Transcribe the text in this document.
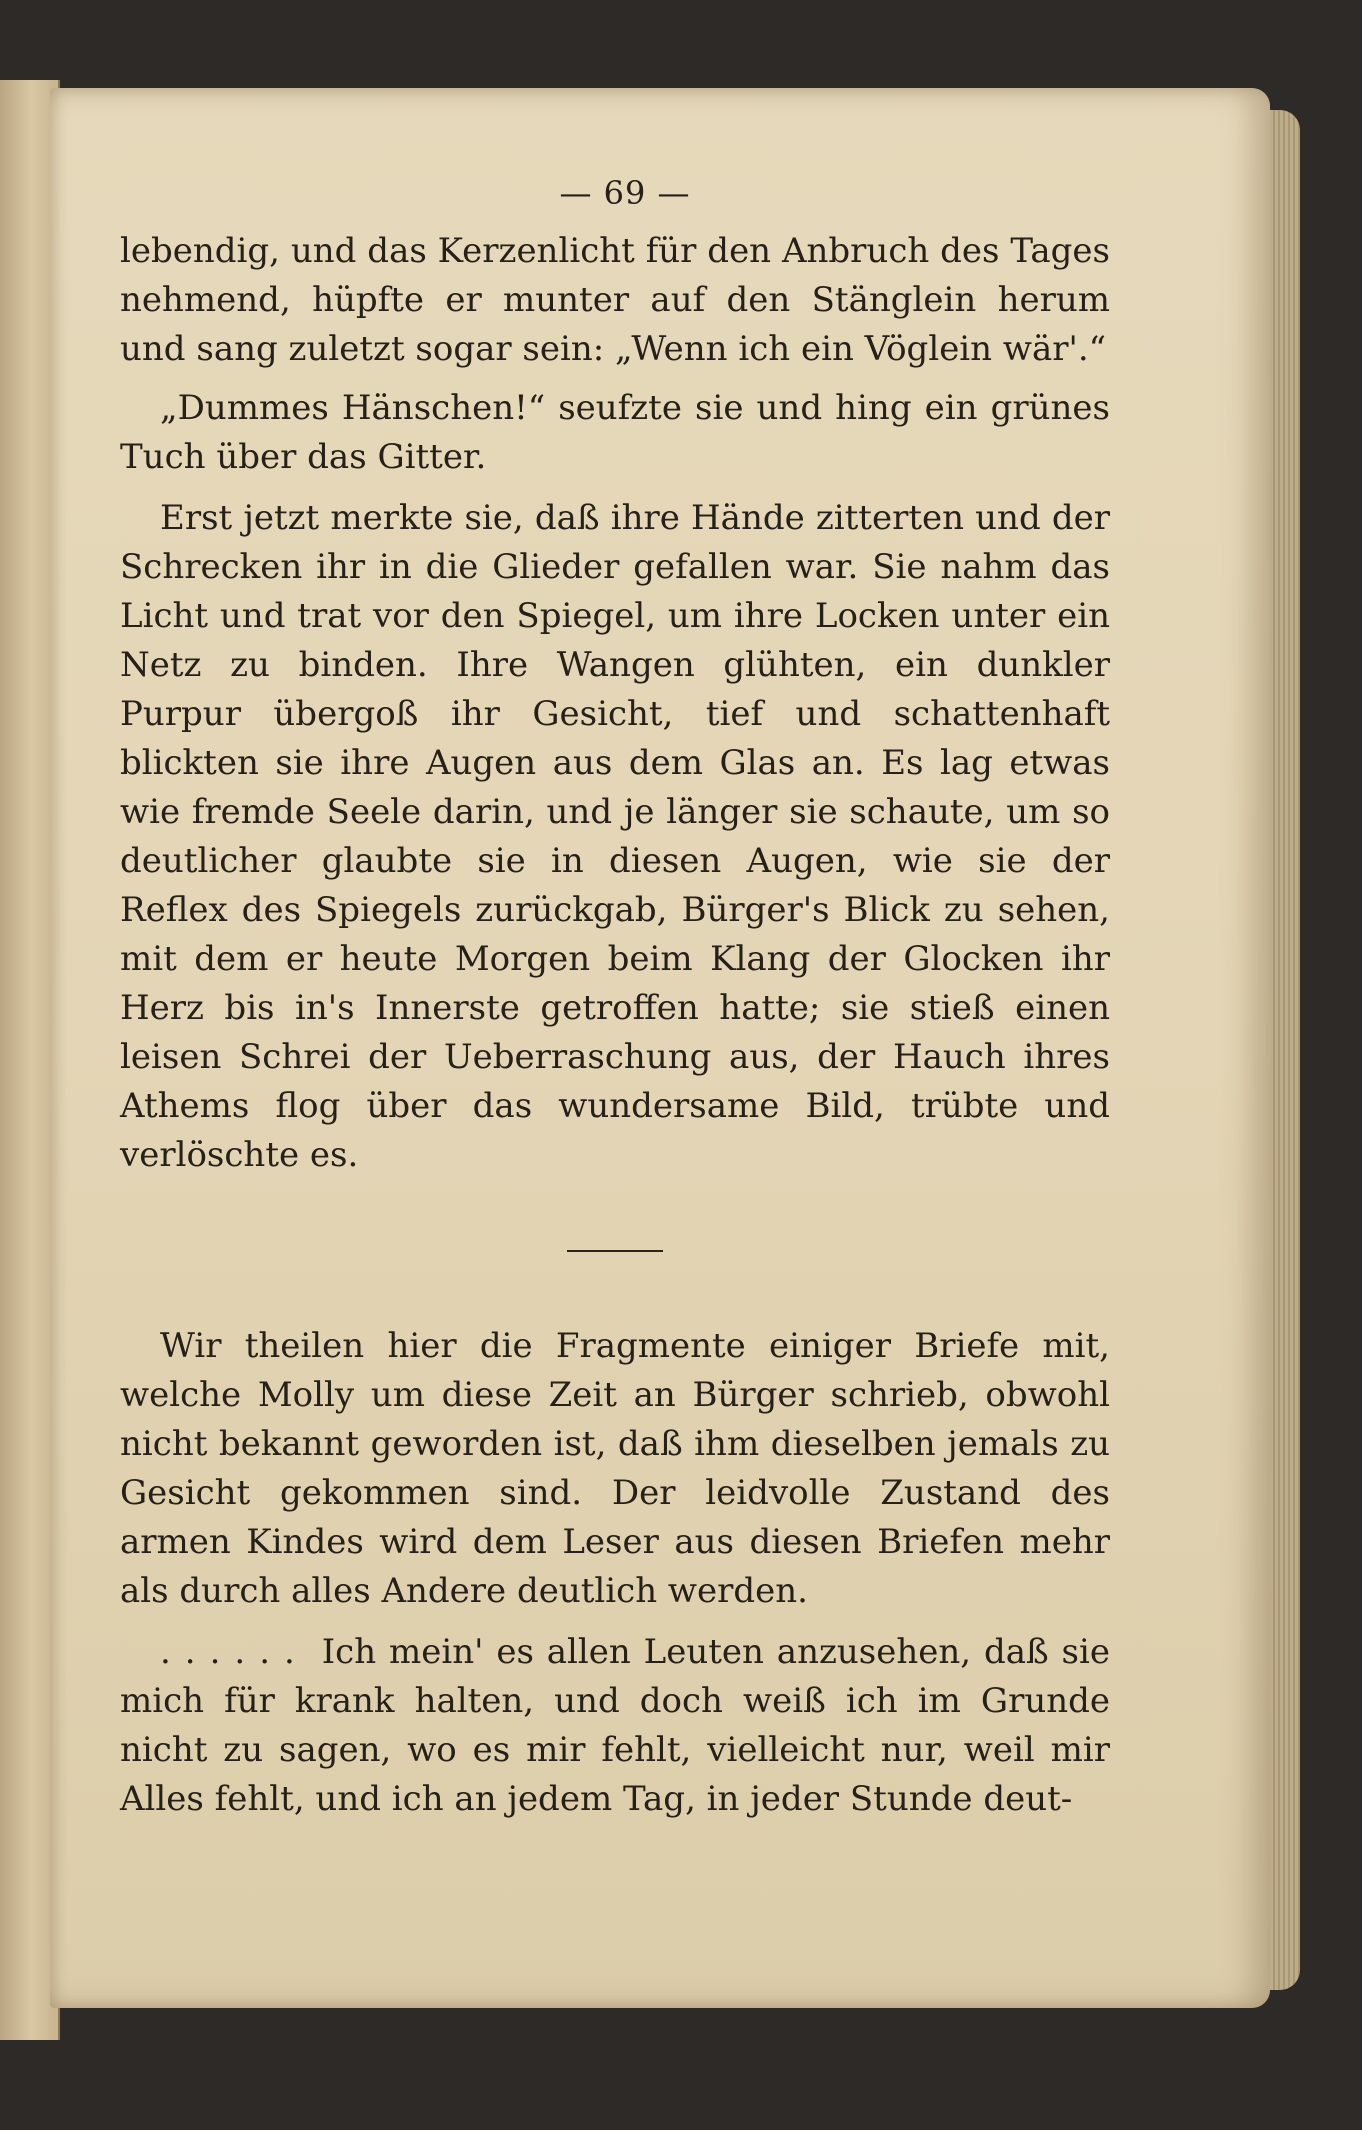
— 69 —

lebendig, und das Kerzenlicht für den Anbruch des Tages nehmend, hüpfte er munter auf den Stänglein herum und sang zuletzt sogar sein: „Wenn ich ein Vöglein wär'.“

„Dummes Hänschen!“ seufzte sie und hing ein grünes Tuch über das Gitter.

Erst jetzt merkte sie, daß ihre Hände zitterten und der Schrecken ihr in die Glieder gefallen war. Sie nahm das Licht und trat vor den Spiegel, um ihre Locken unter ein Netz zu binden. Ihre Wangen glühten, ein dunkler Purpur übergoß ihr Gesicht, tief und schattenhaft blickten sie ihre Augen aus dem Glas an. Es lag etwas wie fremde Seele darin, und je länger sie schaute, um so deutlicher glaubte sie in diesen Augen, wie sie der Reflex des Spiegels zurückgab, Bürger's Blick zu sehen, mit dem er heute Morgen beim Klang der Glocken ihr Herz bis in's Innerste getroffen hatte; sie stieß einen leisen Schrei der Ueberraschung aus, der Hauch ihres Athems flog über das wundersame Bild, trübte und verlöschte es.

Wir theilen hier die Fragmente einiger Briefe mit, welche Molly um diese Zeit an Bürger schrieb, obwohl nicht bekannt geworden ist, daß ihm dieselben jemals zu Gesicht gekommen sind. Der leidvolle Zustand des armen Kindes wird dem Leser aus diesen Briefen mehr als durch alles Andere deutlich werden.

...... Ich mein' es allen Leuten anzusehen, daß sie mich für krank halten, und doch weiß ich im Grunde nicht zu sagen, wo es mir fehlt, vielleicht nur, weil mir Alles fehlt, und ich an jedem Tag, in jeder Stunde deut-
